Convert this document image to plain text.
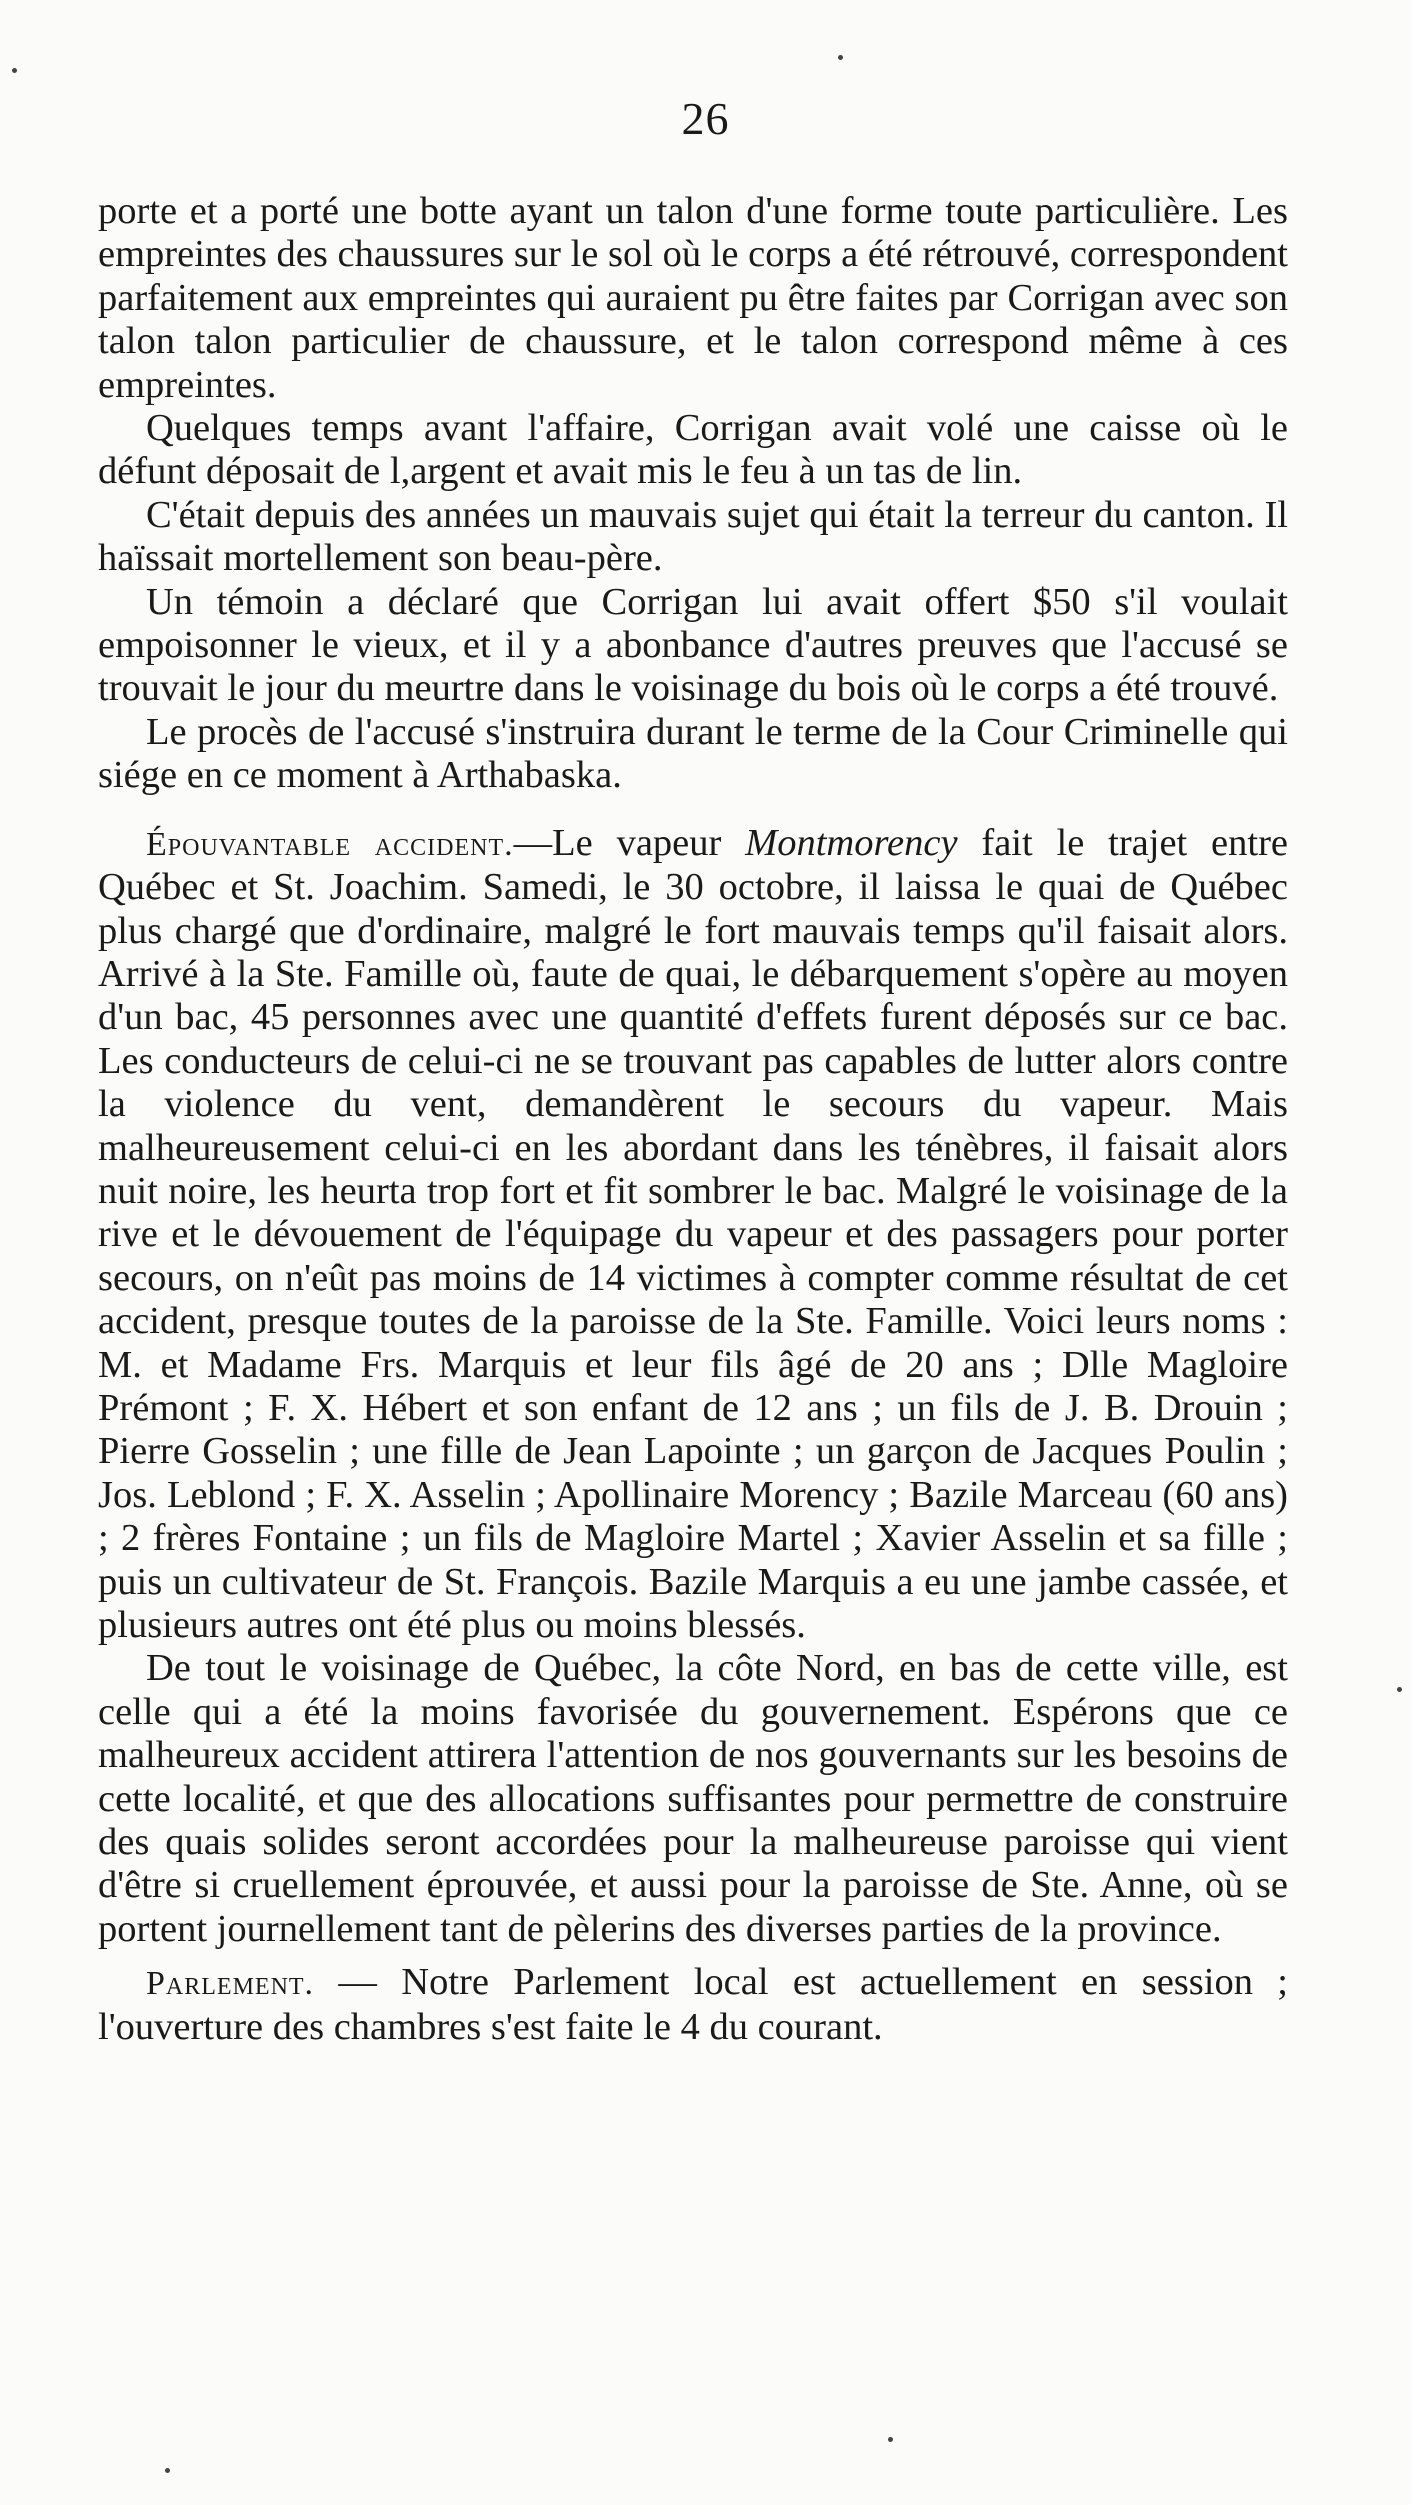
26

porte et a porté une botte ayant un talon d'une forme toute particulière. Les empreintes des chaussures sur le sol où le corps a été rétrouvé, correspondent parfaitement aux empreintes qui auraient pu être faites par Corrigan avec son talon talon particulier de chaussure, et le talon correspond même à ces empreintes.

Quelques temps avant l'affaire, Corrigan avait volé une caisse où le défunt déposait de l,argent et avait mis le feu à un tas de lin.

C'était depuis des années un mauvais sujet qui était la terreur du canton. Il haïssait mortellement son beau-père.

Un témoin a déclaré que Corrigan lui avait offert $50 s'il voulait empoisonner le vieux, et il y a abonbance d'autres preuves que l'accusé se trouvait le jour du meurtre dans le voisinage du bois où le corps a été trouvé.

Le procès de l'accusé s'instruira durant le terme de la Cour Criminelle qui siége en ce moment à Arthabaska.

Épouvantable accident.—Le vapeur Montmorency fait le trajet entre Québec et St. Joachim. Samedi, le 30 octobre, il laissa le quai de Québec plus chargé que d'ordinaire, malgré le fort mauvais temps qu'il faisait alors. Arrivé à la Ste. Famille où, faute de quai, le débarquement s'opère au moyen d'un bac, 45 personnes avec une quantité d'effets furent déposés sur ce bac. Les conducteurs de celui-ci ne se trouvant pas capables de lutter alors contre la violence du vent, demandèrent le secours du vapeur. Mais malheureusement celui-ci en les abordant dans les ténèbres, il faisait alors nuit noire, les heurta trop fort et fit sombrer le bac. Malgré le voisinage de la rive et le dévouement de l'équipage du vapeur et des passagers pour porter secours, on n'eût pas moins de 14 victimes à compter comme résultat de cet accident, presque toutes de la paroisse de la Ste. Famille. Voici leurs noms : M. et Madame Frs. Marquis et leur fils âgé de 20 ans ; Dlle Magloire Prémont ; F. X. Hébert et son enfant de 12 ans ; un fils de J. B. Drouin ; Pierre Gosselin ; une fille de Jean Lapointe ; un garçon de Jacques Poulin ; Jos. Leblond ; F. X. Asselin ; Apollinaire Morency ; Bazile Marceau (60 ans) ; 2 frères Fontaine ; un fils de Magloire Martel ; Xavier Asselin et sa fille ; puis un cultivateur de St. François. Bazile Marquis a eu une jambe cassée, et plusieurs autres ont été plus ou moins blessés.

De tout le voisinage de Québec, la côte Nord, en bas de cette ville, est celle qui a été la moins favorisée du gouvernement. Espérons que ce malheureux accident attirera l'attention de nos gouvernants sur les besoins de cette localité, et que des allocations suffisantes pour permettre de construire des quais solides seront accordées pour la malheureuse paroisse qui vient d'être si cruellement éprouvée, et aussi pour la paroisse de Ste. Anne, où se portent journellement tant de pèlerins des diverses parties de la province.

Parlement. — Notre Parlement local est actuellement en session ; l'ouverture des chambres s'est faite le 4 du courant.
